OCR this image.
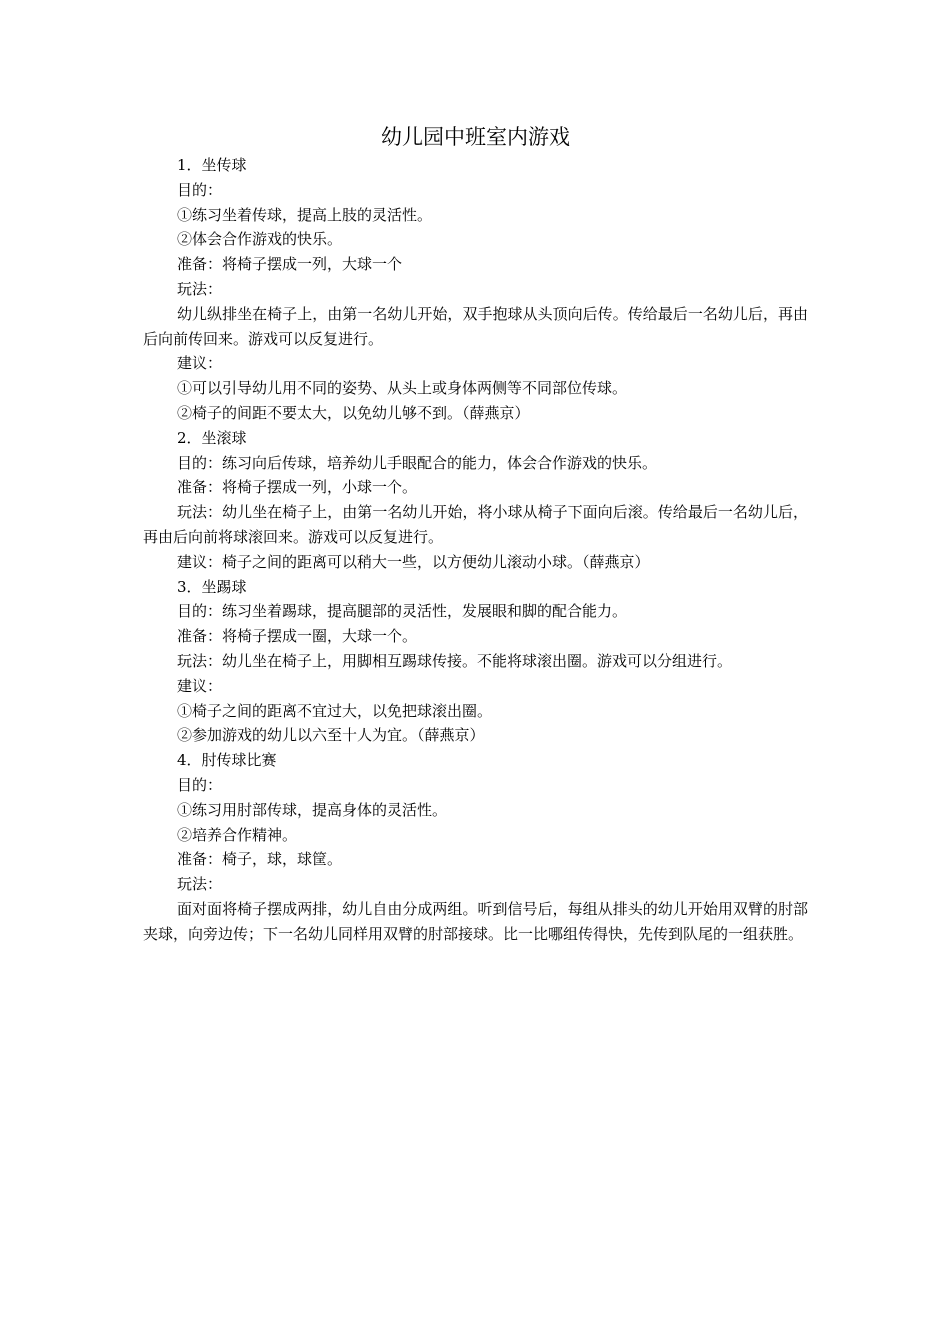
幼儿园中班室内游戏

1．坐传球

目的：

①练习坐着传球，提高上肢的灵活性。

②体会合作游戏的快乐。

准备：将椅子摆成一列，大球一个

玩法：

幼儿纵排坐在椅子上，由第一名幼儿开始，双手抱球从头顶向后传。传给最后一名幼儿后，再由后向前传回来。游戏可以反复进行。

建议：

①可以引导幼儿用不同的姿势、从头上或身体两侧等不同部位传球。

②椅子的间距不要太大，以免幼儿够不到。（薛燕京）

2．坐滚球

目的：练习向后传球，培养幼儿手眼配合的能力，体会合作游戏的快乐。

准备：将椅子摆成一列，小球一个。

玩法：幼儿坐在椅子上，由第一名幼儿开始，将小球从椅子下面向后滚。传给最后一名幼儿后，再由后向前将球滚回来。游戏可以反复进行。

建议：椅子之间的距离可以稍大一些，以方便幼儿滚动小球。（薛燕京）

3．坐踢球

目的：练习坐着踢球，提高腿部的灵活性，发展眼和脚的配合能力。

准备：将椅子摆成一圈，大球一个。

玩法：幼儿坐在椅子上，用脚相互踢球传接。不能将球滚出圈。游戏可以分组进行。

建议：

①椅子之间的距离不宜过大，以免把球滚出圈。

②参加游戏的幼儿以六至十人为宜。（薛燕京）

4．肘传球比赛

目的：

①练习用肘部传球，提高身体的灵活性。

②培养合作精神。

准备：椅子，球，球筐。

玩法：

面对面将椅子摆成两排，幼儿自由分成两组。听到信号后，每组从排头的幼儿开始用双臂的肘部夹球，向旁边传；下一名幼儿同样用双臂的肘部接球。比一比哪组传得快，先传到队尾的一组获胜。
